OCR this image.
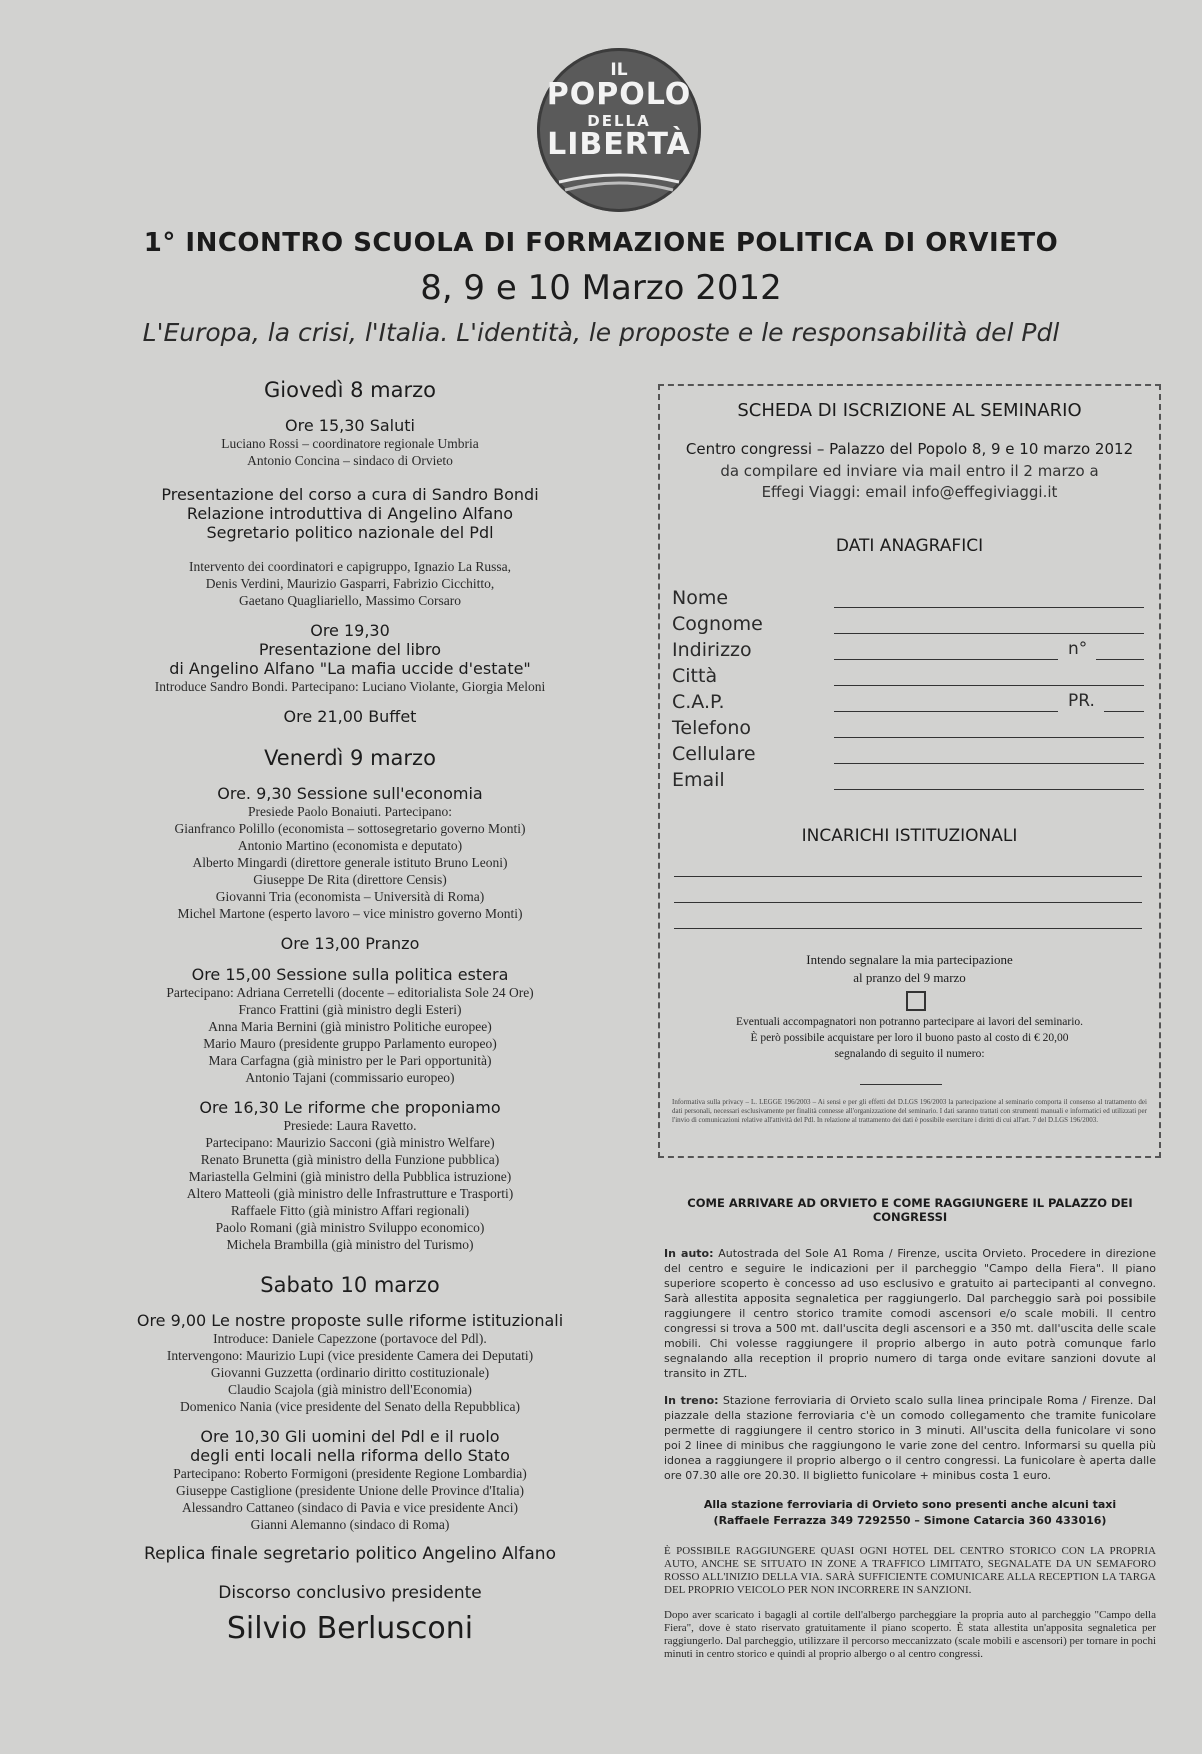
IL
POPOLO
DELLA
LIBERTÀ
1° INCONTRO SCUOLA DI FORMAZIONE POLITICA DI ORVIETO
8, 9 e 10 Marzo 2012
L'Europa, la crisi, l'Italia. L'identità, le proposte e le responsabilità del Pdl
Giovedì 8 marzo
Ore 15,30 Saluti
Luciano Rossi – coordinatore regionale Umbria
Antonio Concina – sindaco di Orvieto
Presentazione del corso a cura di Sandro Bondi
Relazione introduttiva di Angelino Alfano
Segretario politico nazionale del Pdl
Intervento dei coordinatori e capigruppo, Ignazio La Russa,
Denis Verdini, Maurizio Gasparri, Fabrizio Cicchitto,
Gaetano Quagliariello, Massimo Corsaro
Ore 19,30
Presentazione del libro
di Angelino Alfano "La mafia uccide d'estate"
Introduce Sandro Bondi. Partecipano: Luciano Violante, Giorgia Meloni
Ore 21,00 Buffet
Venerdì 9 marzo
Ore. 9,30 Sessione sull'economia
Presiede Paolo Bonaiuti. Partecipano:
Gianfranco Polillo (economista – sottosegretario governo Monti)
Antonio Martino (economista e deputato)
Alberto Mingardi (direttore generale istituto Bruno Leoni)
Giuseppe De Rita (direttore Censis)
Giovanni Tria (economista – Università di Roma)
Michel Martone (esperto lavoro – vice ministro governo Monti)
Ore 13,00 Pranzo
Ore 15,00 Sessione sulla politica estera
Partecipano: Adriana Cerretelli (docente – editorialista Sole 24 Ore)
Franco Frattini (già ministro degli Esteri)
Anna Maria Bernini (già ministro Politiche europee)
Mario Mauro (presidente gruppo Parlamento europeo)
Mara Carfagna (già ministro per le Pari opportunità)
Antonio Tajani (commissario europeo)
Ore 16,30 Le riforme che proponiamo
Presiede: Laura Ravetto.
Partecipano: Maurizio Sacconi (già ministro Welfare)
Renato Brunetta (già ministro della Funzione pubblica)
Mariastella Gelmini (già ministro della Pubblica istruzione)
Altero Matteoli (già ministro delle Infrastrutture e Trasporti)
Raffaele Fitto (già ministro Affari regionali)
Paolo Romani (già ministro Sviluppo economico)
Michela Brambilla (già ministro del Turismo)
Sabato 10 marzo
Ore 9,00 Le nostre proposte sulle riforme istituzionali
Introduce: Daniele Capezzone (portavoce del Pdl).
Intervengono: Maurizio Lupi (vice presidente Camera dei Deputati)
Giovanni Guzzetta (ordinario diritto costituzionale)
Claudio Scajola (già ministro dell'Economia)
Domenico Nania (vice presidente del Senato della Repubblica)
Ore 10,30 Gli uomini del Pdl e il ruolo
degli enti locali nella riforma dello Stato
Partecipano: Roberto Formigoni (presidente Regione Lombardia)
Giuseppe Castiglione (presidente Unione delle Province d'Italia)
Alessandro Cattaneo (sindaco di Pavia e vice presidente Anci)
Gianni Alemanno (sindaco di Roma)
Replica finale segretario politico Angelino Alfano
Discorso conclusivo presidente
Silvio Berlusconi
SCHEDA DI ISCRIZIONE AL SEMINARIO
Centro congressi – Palazzo del Popolo 8, 9 e 10 marzo 2012
da compilare ed inviare via mail entro il 2 marzo a
Effegi Viaggi: email info@effegiviaggi.it
DATI ANAGRAFICI
Nome
Cognome
Indirizzo	n°
Città
C.A.P.	PR.
Telefono
Cellulare
Email
INCARICHI ISTITUZIONALI
Intendo segnalare la mia partecipazione
al pranzo del 9 marzo
Eventuali accompagnatori non potranno partecipare ai lavori del seminario.
È però possibile acquistare per loro il buono pasto al costo di € 20,00
segnalando di seguito il numero:
Informativa sulla privacy – L. LEGGE 196/2003 – Ai sensi e per gli effetti del D.LGS 196/2003 la partecipazione al seminario comporta il consenso al trattamento dei dati personali, necessari esclusivamente per finalità connesse all'organizzazione del seminario. I dati saranno trattati con strumenti manuali e informatici ed utilizzati per l'invio di comunicazioni relative all'attività del Pdl. In relazione al trattamento dei dati è possibile esercitare i diritti di cui all'art. 7 del D.LGS 196/2003.
COME ARRIVARE AD ORVIETO E COME RAGGIUNGERE IL PALAZZO DEI CONGRESSI

In auto: Autostrada del Sole A1 Roma / Firenze, uscita Orvieto. Procedere in direzione del centro e seguire le indicazioni per il parcheggio "Campo della Fiera". Il piano superiore scoperto è concesso ad uso esclusivo e gratuito ai partecipanti al convegno. Sarà allestita apposita segnaletica per raggiungerlo. Dal parcheggio sarà poi possibile raggiungere il centro storico tramite comodi ascensori e/o scale mobili. Il centro congressi si trova a 500 mt. dall'uscita degli ascensori e a 350 mt. dall'uscita delle scale mobili. Chi volesse raggiungere il proprio albergo in auto potrà comunque farlo segnalando alla reception il proprio numero di targa onde evitare sanzioni dovute al transito in ZTL.

In treno: Stazione ferroviaria di Orvieto scalo sulla linea principale Roma / Firenze. Dal piazzale della stazione ferroviaria c'è un comodo collegamento che tramite funicolare permette di raggiungere il centro storico in 3 minuti. All'uscita della funicolare vi sono poi 2 linee di minibus che raggiungono le varie zone del centro. Informarsi su quella più idonea a raggiungere il proprio albergo o il centro congressi. La funicolare è aperta dalle ore 07.30 alle ore 20.30. Il biglietto funicolare + minibus costa 1 euro.

Alla stazione ferroviaria di Orvieto sono presenti anche alcuni taxi
(Raffaele Ferrazza 349 7292550 – Simone Catarcia 360 433016)

È POSSIBILE RAGGIUNGERE QUASI OGNI HOTEL DEL CENTRO STORICO CON LA PROPRIA AUTO, ANCHE SE SITUATO IN ZONE A TRAFFICO LIMITATO, SEGNALATE DA UN SEMAFORO ROSSO ALL'INIZIO DELLA VIA. SARÀ SUFFICIENTE COMUNICARE ALLA RECEPTION LA TARGA DEL PROPRIO VEICOLO PER NON INCORRERE IN SANZIONI.

Dopo aver scaricato i bagagli al cortile dell'albergo parcheggiare la propria auto al parcheggio "Campo della Fiera", dove è stato riservato gratuitamente il piano scoperto. È stata allestita un'apposita segnaletica per raggiungerlo. Dal parcheggio, utilizzare il percorso meccanizzato (scale mobili e ascensori) per tornare in pochi minuti in centro storico e quindi al proprio albergo o al centro congressi.
